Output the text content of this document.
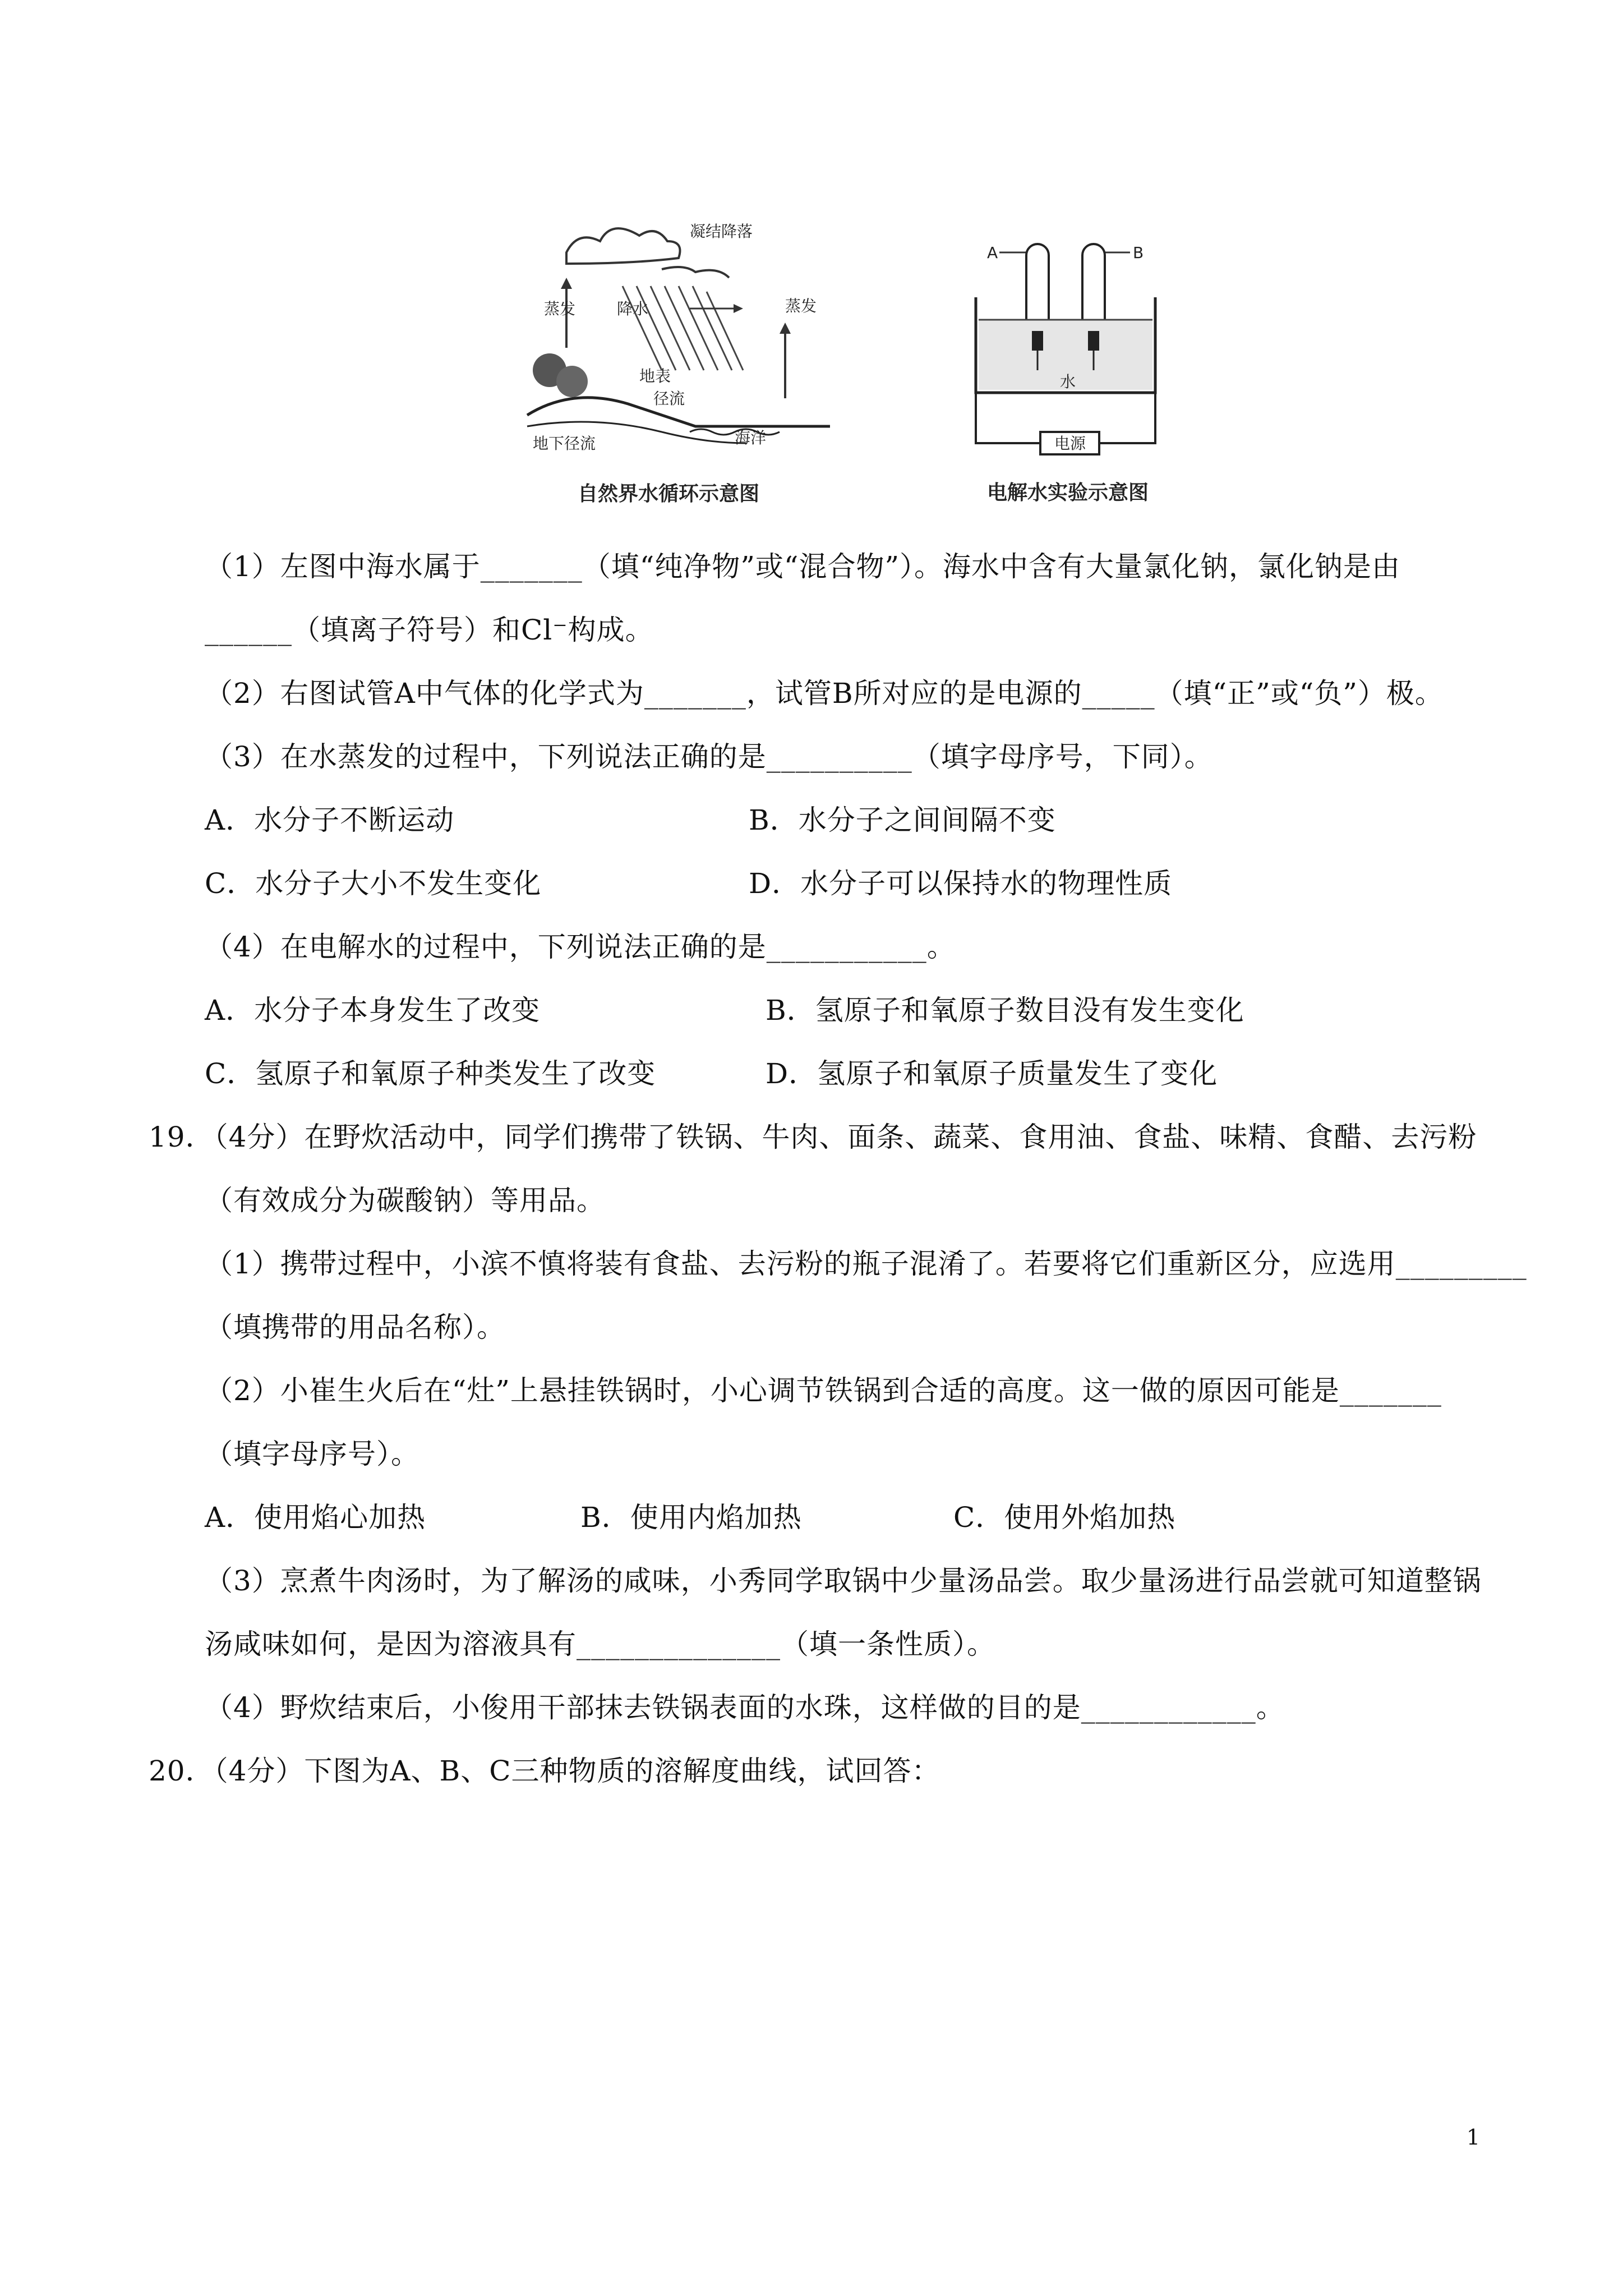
凝结降落
蒸发	降水	蒸发
地表
径流
地下径流	海洋
自然界水循环示意图
A	B
水
电源
电解水实验示意图
（1）左图中海水属于_______（填“纯净物”或“混合物”）。海水中含有大量氯化钠，氯化钠是由
______（填离子符号）和Cl⁻构成。
（2）右图试管A中气体的化学式为_______，试管B所对应的是电源的_____（填“正”或“负”）极。
（3）在水蒸发的过程中，下列说法正确的是__________（填字母序号，下同）。
A．水分子不断运动	B．水分子之间间隔不变
C．水分子大小不发生变化	D．水分子可以保持水的物理性质
（4）在电解水的过程中，下列说法正确的是___________。
A．水分子本身发生了改变	B．氢原子和氧原子数目没有发生变化
C．氢原子和氧原子种类发生了改变	D．氢原子和氧原子质量发生了变化
19．（4分）在野炊活动中，同学们携带了铁锅、牛肉、面条、蔬菜、食用油、食盐、味精、食醋、去污粉
（有效成分为碳酸钠）等用品。
（1）携带过程中，小滨不慎将装有食盐、去污粉的瓶子混淆了。若要将它们重新区分，应选用_________
（填携带的用品名称）。
（2）小崔生火后在“灶”上悬挂铁锅时，小心调节铁锅到合适的高度。这一做的原因可能是_______
（填字母序号）。
A．使用焰心加热	B．使用内焰加热	C．使用外焰加热
（3）烹煮牛肉汤时，为了解汤的咸味，小秀同学取锅中少量汤品尝。取少量汤进行品尝就可知道整锅
汤咸味如何，是因为溶液具有______________（填一条性质）。
（4）野炊结束后，小俊用干部抹去铁锅表面的水珠，这样做的目的是____________。
20．（4分）下图为A、B、C三种物质的溶解度曲线，试回答：
1
